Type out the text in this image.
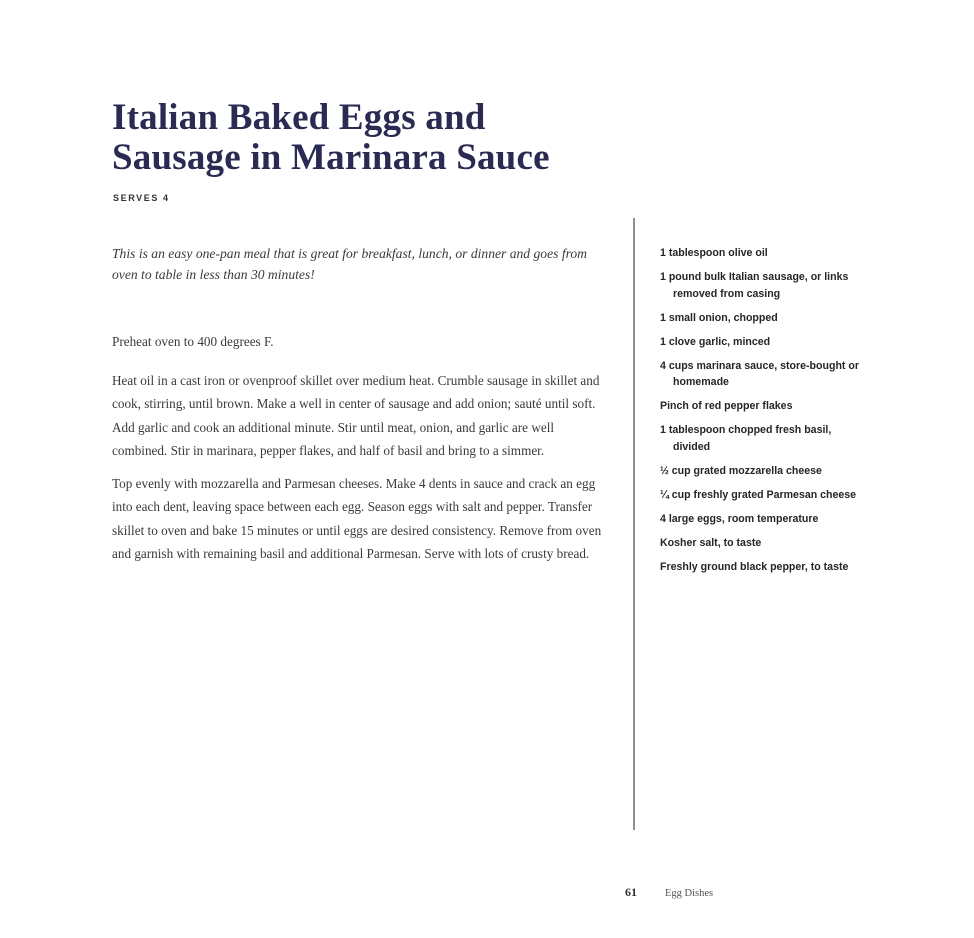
Italian Baked Eggs and
Sausage in Marinara Sauce
SERVES 4

This is an easy one-pan meal that is great for breakfast, lunch, or dinner and goes from oven to table in less than 30 minutes!

Preheat oven to 400 degrees F.

Heat oil in a cast iron or ovenproof skillet over medium heat. Crumble sausage in skillet and cook, stirring, until brown. Make a well in center of sausage and add onion; sauté until soft. Add garlic and cook an additional minute. Stir until meat, onion, and garlic are well combined. Stir in marinara, pepper flakes, and half of basil and bring to a simmer.

Top evenly with mozzarella and Parmesan cheeses. Make 4 dents in sauce and crack an egg into each dent, leaving space between each egg. Season eggs with salt and pepper. Transfer skillet to oven and bake 15 minutes or until eggs are desired consistency. Remove from oven and garnish with remaining basil and additional Parmesan. Serve with lots of crusty bread.

1 tablespoon olive oil
1 pound bulk Italian sausage, or links removed from casing
1 small onion, chopped
1 clove garlic, minced
4 cups marinara sauce, store-bought or homemade
Pinch of red pepper flakes
1 tablespoon chopped fresh basil, divided
½ cup grated mozzarella cheese
¼ cup freshly grated Parmesan cheese
4 large eggs, room temperature
Kosher salt, to taste
Freshly ground black pepper, to taste
61	Egg Dishes
